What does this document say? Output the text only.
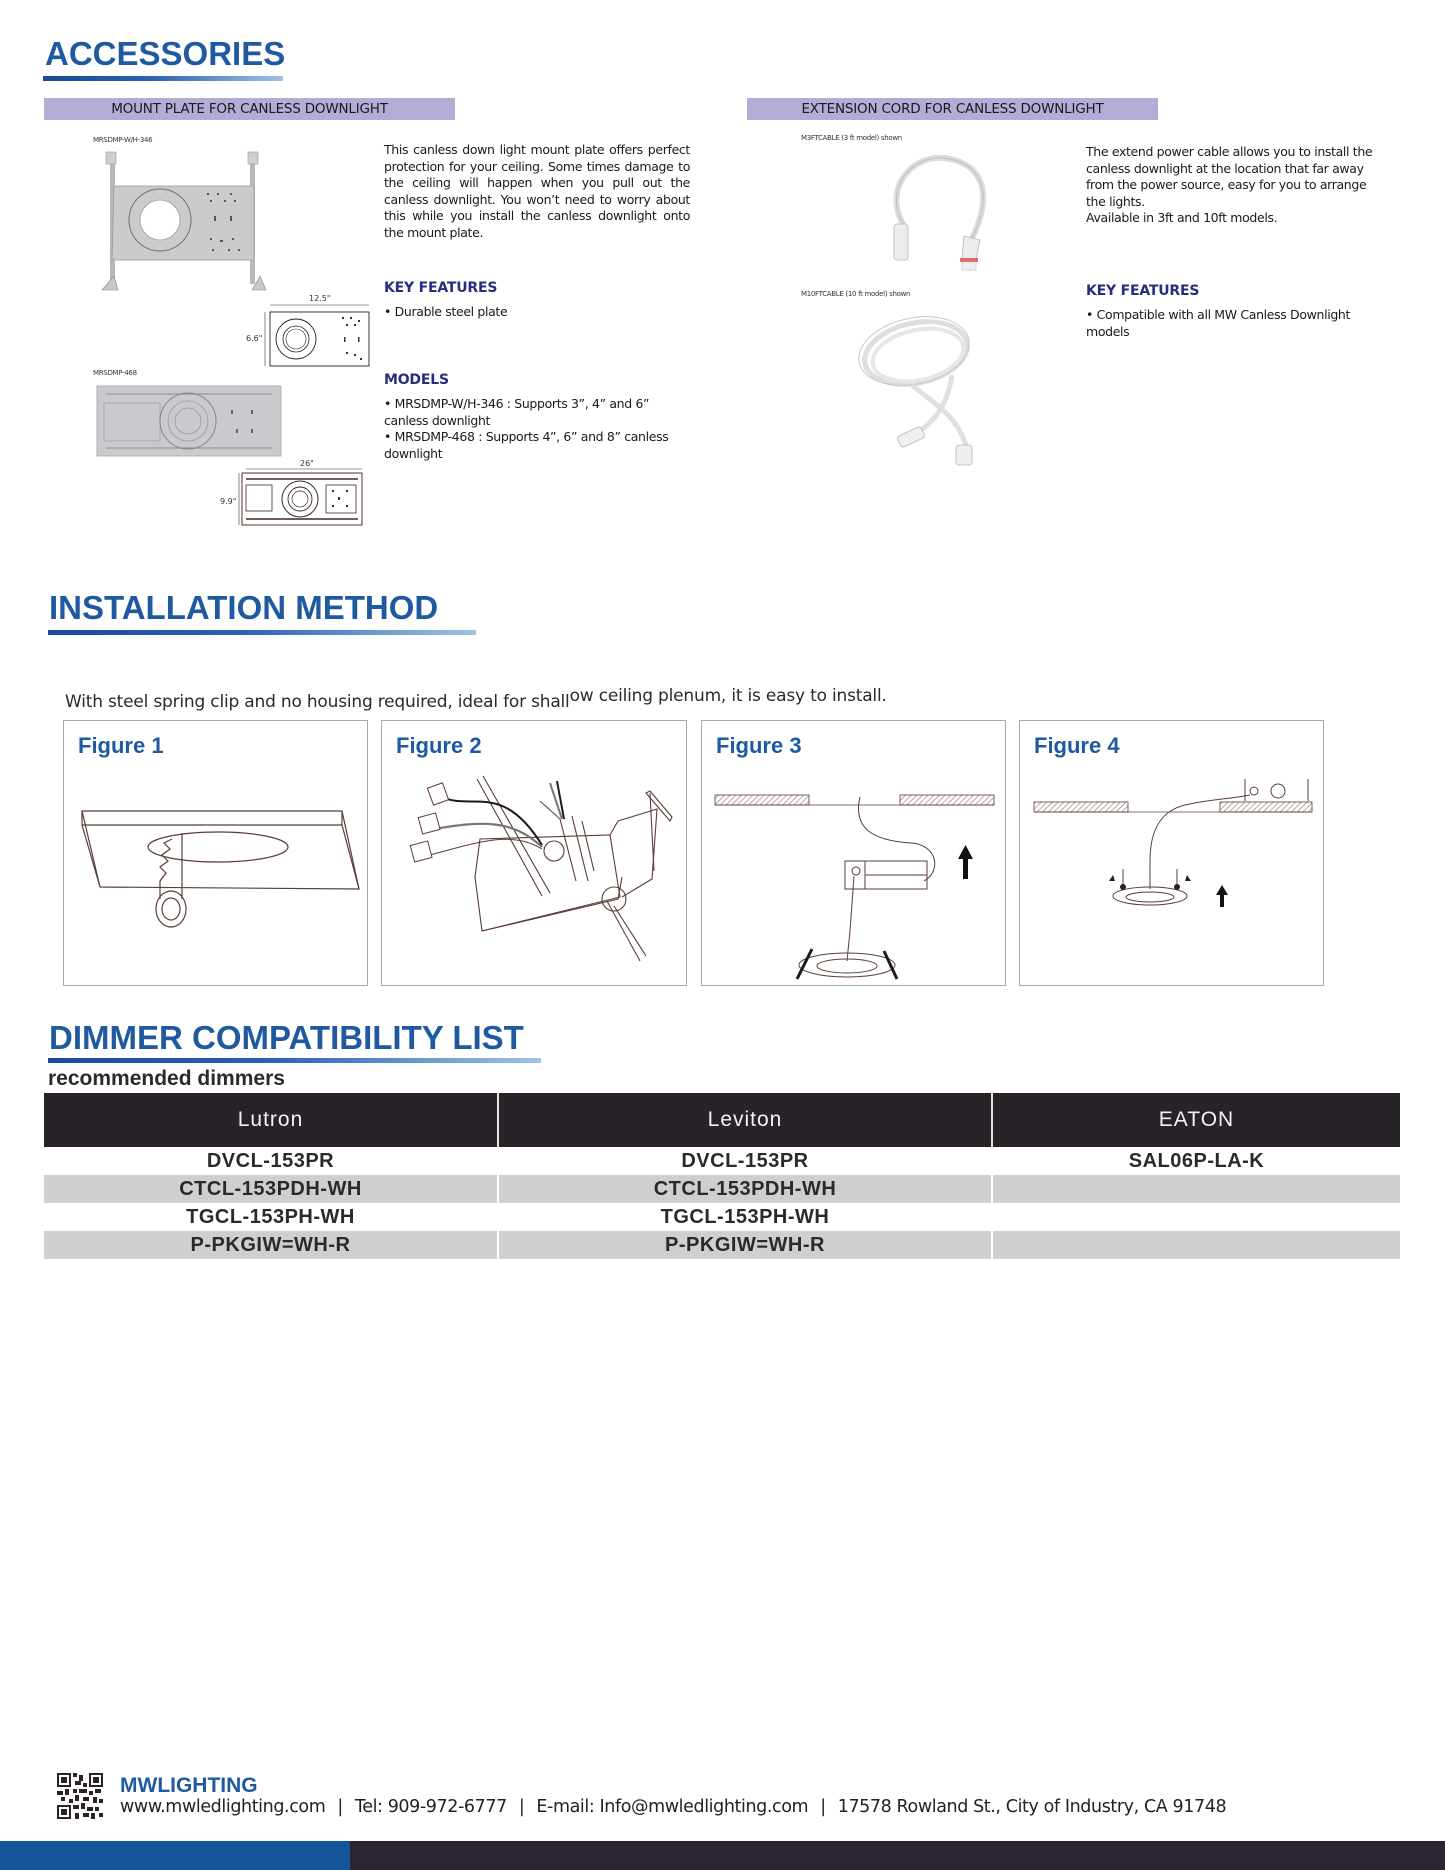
ACCESSORIES
MOUNT PLATE FOR CANLESS DOWNLIGHT	EXTENSION CORD FOR CANLESS DOWNLIGHT
MRSDMP-W/H-346
12.5"
6.6"
MRSDMP-468
26"
9.9"
This canless down light mount plate offers perfect protection for your ceiling. Some times damage to the ceiling will happen when you pull out the canless downlight. You won’t need to worry about this while you install the canless downlight onto the mount plate.
KEY FEATURES
• Durable steel plate
MODELS
• MRSDMP-W/H-346 : Supports 3”, 4” and 6” canless downlight
• MRSDMP-468 : Supports 4”, 6” and 8” canless downlight
M3FTCABLE (3 ft model) shown
M10FTCABLE (10 ft model) shown
The extend power cable allows you to install the canless downlight at the location that far away from the power source, easy for you to arrange the lights.
Available in 3ft and 10ft models.
KEY FEATURES
• Compatible with all MW Canless Downlight models
INSTALLATION METHOD
With steel spring clip and no housing required, ideal for shallow ceiling plenum, it is easy to install.
Figure 1	Figure 2	Figure 3	Figure 4
DIMMER COMPATIBILITY LIST
recommended dimmers
Lutron	Leviton	EATON
DVCL-153PR	DVCL-153PR	SAL06P-LA-K
CTCL-153PDH-WH	CTCL-153PDH-WH	
TGCL-153PH-WH	TGCL-153PH-WH	
P-PKGIW=WH-R	P-PKGIW=WH-R	
MWLIGHTING
www.mwledlighting.com | Tel: 909-972-6777 | E-mail: Info@mwledlighting.com | 17578 Rowland St., City of Industry, CA 91748
